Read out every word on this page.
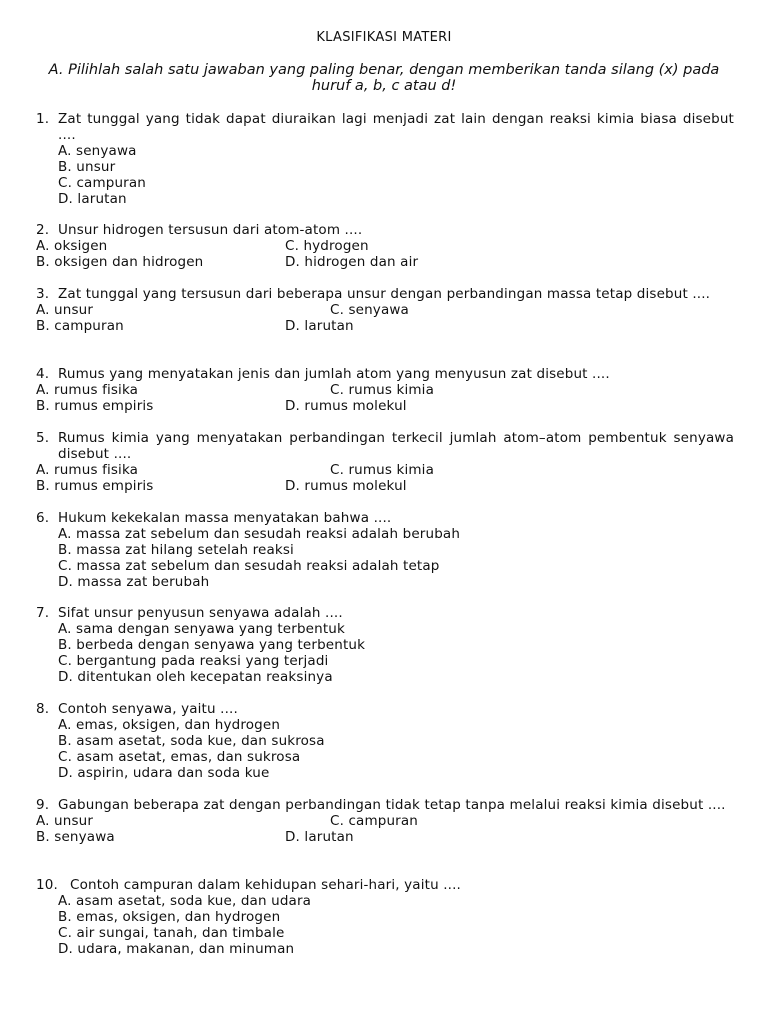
KLASIFIKASI MATERI
A. Pilihlah salah satu jawaban yang paling benar, dengan memberikan tanda silang (x) pada huruf a, b, c atau d!
1. Zat tunggal yang tidak dapat diuraikan lagi menjadi zat lain dengan reaksi kimia biasa disebut ....
A. senyawa
B. unsur
C. campuran
D. larutan
2. Unsur hidrogen tersusun dari atom-atom ....
A. oksigen	C. hydrogen
B. oksigen dan hidrogen	D. hidrogen dan air
3. Zat tunggal yang tersusun dari beberapa unsur dengan perbandingan massa tetap disebut ....
A. unsur	C. senyawa
B. campuran	D. larutan
4. Rumus yang menyatakan jenis dan jumlah atom yang menyusun zat disebut ....
A. rumus fisika	C. rumus kimia
B. rumus empiris	D. rumus molekul
5. Rumus kimia yang menyatakan perbandingan terkecil jumlah atom–atom pembentuk senyawa disebut ....
A. rumus fisika	C. rumus kimia
B. rumus empiris	D. rumus molekul
6. Hukum kekekalan massa menyatakan bahwa ....
A. massa zat sebelum dan sesudah reaksi adalah berubah
B. massa zat hilang setelah reaksi
C. massa zat sebelum dan sesudah reaksi adalah tetap
D. massa zat berubah
7. Sifat unsur penyusun senyawa adalah ....
A. sama dengan senyawa yang terbentuk
B. berbeda dengan senyawa yang terbentuk
C. bergantung pada reaksi yang terjadi
D. ditentukan oleh kecepatan reaksinya
8. Contoh senyawa, yaitu ....
A. emas, oksigen, dan hydrogen
B. asam asetat, soda kue, dan sukrosa
C. asam asetat, emas, dan sukrosa
D. aspirin, udara dan soda kue
9. Gabungan beberapa zat dengan perbandingan tidak tetap tanpa melalui reaksi kimia disebut ....
A. unsur	C. campuran
B. senyawa	D. larutan
10. Contoh campuran dalam kehidupan sehari-hari, yaitu ....
A. asam asetat, soda kue, dan udara
B. emas, oksigen, dan hydrogen
C. air sungai, tanah, dan timbale
D. udara, makanan, dan minuman
